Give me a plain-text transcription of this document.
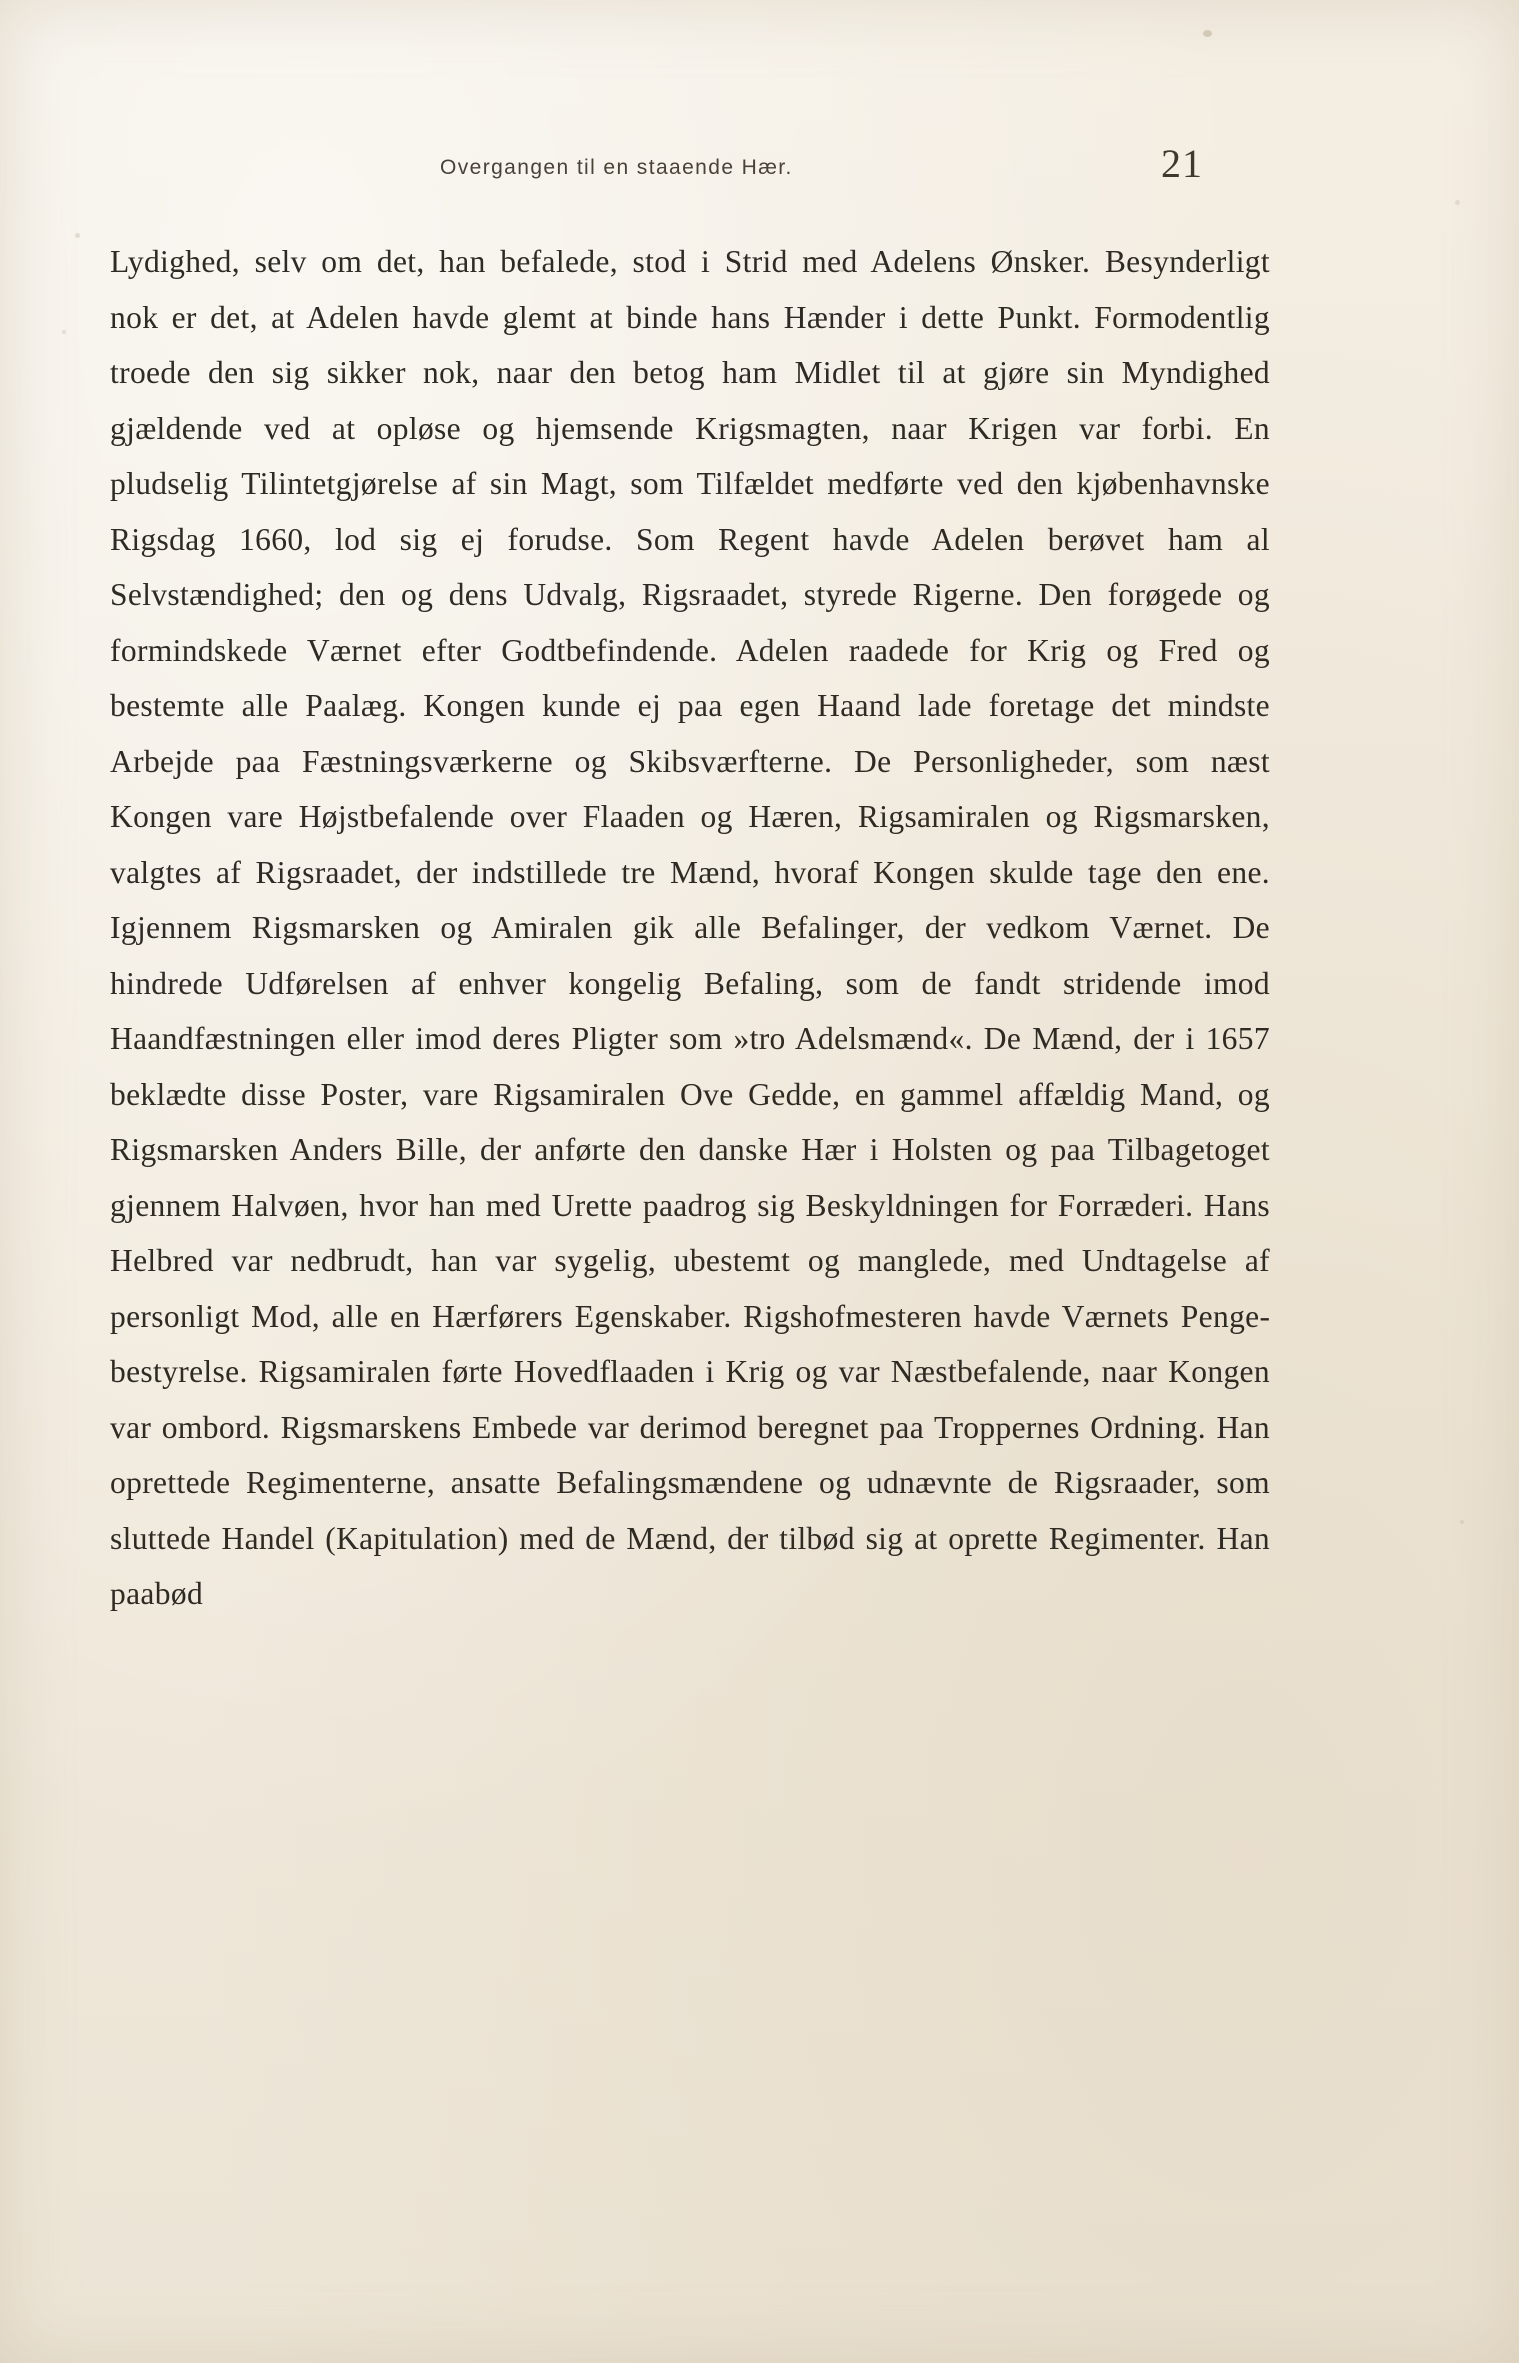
Overgangen til en staaende Hær.	21

Lydighed, selv om det, han befalede, stod i Strid med Adelens Ønsker. Besynderligt nok er det, at Adelen havde glemt at binde hans Hænder i dette Punkt. Formodentlig troede den sig sikker nok, naar den betog ham Midlet til at gjøre sin Myndighed gjældende ved at opløse og hjemsende Krigsmagten, naar Krigen var forbi. En pludselig Tilintetgjørelse af sin Magt, som Tilfældet medførte ved den kjøbenhavnske Rigsdag 1660, lod sig ej forudse. Som Regent havde Adelen berøvet ham al Selvstændighed; den og dens Udvalg, Rigsraadet, styrede Rigerne. Den forøgede og formindskede Værnet efter Godtbefindende. Adelen raadede for Krig og Fred og bestemte alle Paalæg. Kongen kunde ej paa egen Haand lade foretage det mindste Arbejde paa Fæstningsværkerne og Skibsværfterne. De Personligheder, som næst Kongen vare Højstbefalende over Flaaden og Hæren, Rigsamiralen og Rigsmarsken, valgtes af Rigsraadet, der indstillede tre Mænd, hvoraf Kongen skulde tage den ene. Igjennem Rigsmarsken og Amiralen gik alle Befalinger, der vedkom Værnet. De hindrede Udførelsen af enhver kongelig Befaling, som de fandt stridende imod Haandfæstningen eller imod deres Pligter som »tro Adelsmænd«. De Mænd, der i 1657 beklædte disse Poster, vare Rigsamiralen Ove Gedde, en gammel affældig Mand, og Rigsmarsken Anders Bille, der anførte den danske Hær i Holsten og paa Tilbagetoget gjennem Halvøen, hvor han med Urette paadrog sig Beskyldningen for Forræderi. Hans Helbred var nedbrudt, han var sygelig, ubestemt og manglede, med Undtagelse af personligt Mod, alle en Hærførers Egenskaber. Rigshofmesteren havde Værnets Pengebestyrelse. Rigsamiralen førte Hovedflaaden i Krig og var Næstbefalende, naar Kongen var ombord. Rigsmarskens Embede var derimod beregnet paa Troppernes Ordning. Han oprettede Regimenterne, ansatte Befalingsmændene og udnævnte de Rigsraader, som sluttede Handel (Kapitulation) med de Mænd, der tilbød sig at oprette Regimenter. Han paabød
